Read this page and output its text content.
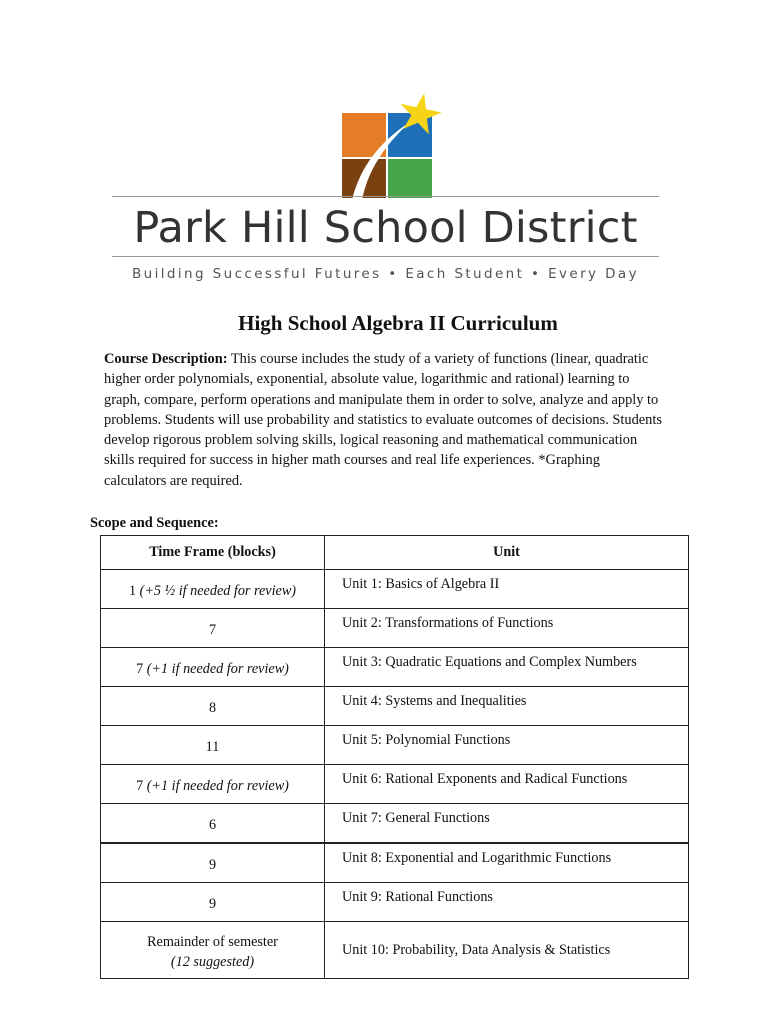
Park Hill School District
Building Successful Futures • Each Student • Every Day
High School Algebra II Curriculum
Course Description: This course includes the study of a variety of functions (linear, quadratic higher order polynomials, exponential, absolute value, logarithmic and rational) learning to graph, compare, perform operations and manipulate them in order to solve, analyze and apply to problems. Students will use probability and statistics to evaluate outcomes of decisions. Students develop rigorous problem solving skills, logical reasoning and mathematical communication skills required for success in higher math courses and real life experiences. *Graphing calculators are required.
Scope and Sequence:
Time Frame (blocks)	Unit
1 (+5 ½ if needed for review)	Unit 1: Basics of Algebra II
7	Unit 2: Transformations of Functions
7 (+1 if needed for review)	Unit 3: Quadratic Equations and Complex Numbers
8	Unit 4: Systems and Inequalities
11	Unit 5: Polynomial Functions
7 (+1 if needed for review)	Unit 6: Rational Exponents and Radical Functions
6	Unit 7: General Functions
9	Unit 8: Exponential and Logarithmic Functions
9	Unit 9: Rational Functions

Remainder of semester
(12 suggested)	Unit 10: Probability, Data Analysis & Statistics
